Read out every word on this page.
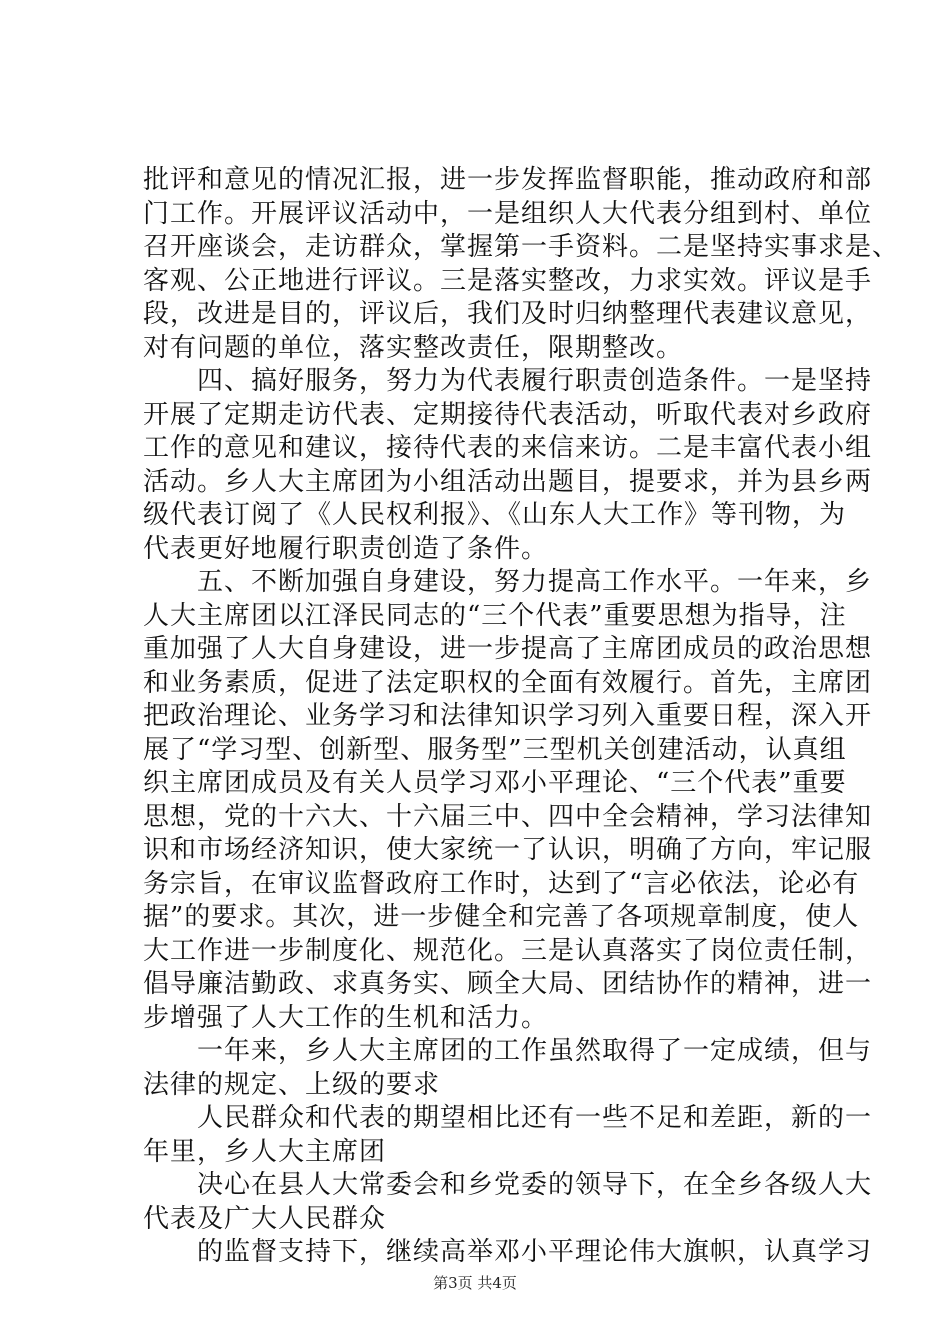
批评和意见的情况汇报，进一步发挥监督职能，推动政府和部
门工作。开展评议活动中，一是组织人大代表分组到村、单位
召开座谈会，走访群众，掌握第一手资料。二是坚持实事求是、
客观、公正地进行评议。三是落实整改，力求实效。评议是手
段，改进是目的，评议后，我们及时归纳整理代表建议意见，
对有问题的单位，落实整改责任，限期整改。
　　四、搞好服务，努力为代表履行职责创造条件。一是坚持
开展了定期走访代表、定期接待代表活动，听取代表对乡政府
工作的意见和建议，接待代表的来信来访。二是丰富代表小组
活动。乡人大主席团为小组活动出题目，提要求，并为县乡两
级代表订阅了《人民权利报》、《山东人大工作》等刊物，为
代表更好地履行职责创造了条件。
　　五、不断加强自身建设，努力提高工作水平。一年来，乡
人大主席团以江泽民同志的“三个代表”重要思想为指导，注
重加强了人大自身建设，进一步提高了主席团成员的政治思想
和业务素质，促进了法定职权的全面有效履行。首先，主席团
把政治理论、业务学习和法律知识学习列入重要日程，深入开
展了“学习型、创新型、服务型”三型机关创建活动，认真组
织主席团成员及有关人员学习邓小平理论、“三个代表”重要
思想，党的十六大、十六届三中、四中全会精神，学习法律知
识和市场经济知识，使大家统一了认识，明确了方向，牢记服
务宗旨，在审议监督政府工作时，达到了“言必依法，论必有
据”的要求。其次，进一步健全和完善了各项规章制度，使人
大工作进一步制度化、规范化。三是认真落实了岗位责任制，
倡导廉洁勤政、求真务实、顾全大局、团结协作的精神，进一
步增强了人大工作的生机和活力。
　　一年来，乡人大主席团的工作虽然取得了一定成绩，但与
法律的规定、上级的要求
　　人民群众和代表的期望相比还有一些不足和差距，新的一
年里，乡人大主席团
　　决心在县人大常委会和乡党委的领导下，在全乡各级人大
代表及广大人民群众
　　的监督支持下，继续高举邓小平理论伟大旗帜，认真学习
第3页 共4页
